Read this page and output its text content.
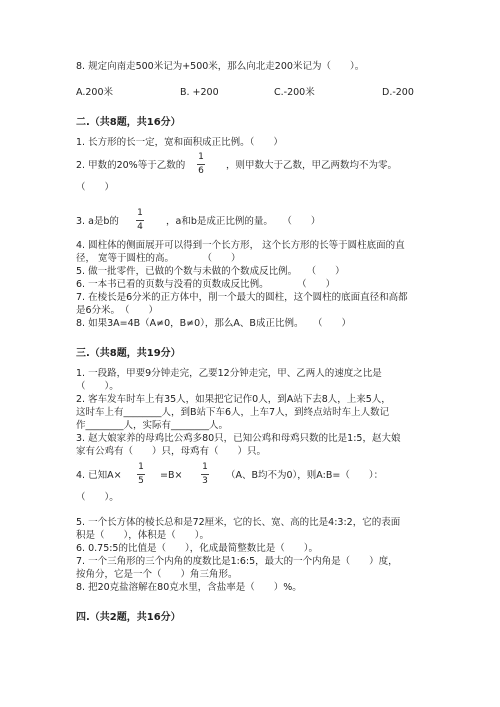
8. 规定向南走500米记为+500米，那么向北走200米记为（　　）。
A.200米	B. +200	C.-200米	D.-200
二.（共8题，共16分）
1. 长方形的长一定，宽和面积成正比例。（　　）
2. 甲数的20%等于乙数的
1
6 ，则甲数大于乙数，甲乙两数均不为零。
（　　）
3. a是b的
1
4 ，a和b是成正比例的量。　　（　　）
4. 圆柱体的侧面展开可以得到一个长方形， 这个长方形的长等于圆柱底面的直
径， 宽等于圆柱的高。　　　　（　　）
5. 做一批零件，已做的个数与未做的个数成反比例。　　（　　）
6. 一本书已看的页数与没看的页数成反比例。　　　　（　　）
7. 在棱长是6分米的正方体中，削一个最大的圆柱，这个圆柱的底面直径和高都
是6分米。　（　　）
8. 如果3A=4B（A≠0，B≠0），那么A、B成正比例。　　（　　）
三.（共8题，共19分）
1. 一段路，甲要9分钟走完，乙要12分钟走完，甲、乙两人的速度之比是
（　　）。
2. 客车发车时车上有35人，如果把它记作0人，到A站下去8人，上来5人，
这时车上有________人，到B站下车6人，上车7人，到终点站时车上人数记
作________人，实际有________人。
3. 赵大娘家养的母鸡比公鸡多80只，已知公鸡和母鸡只数的比是1:5，赵大娘
家有公鸡有（　　）只，母鸡有（　　）只。
4. 已知A×
1
5 =B×
1
3 （A、B均不为0），则A:B=（　　）：
（　　）。
5. 一个长方体的棱长总和是72厘米，它的长、宽、高的比是4:3:2，它的表面
积是（　　），体积是（　　）。
6. 0.75:5的比值是（　　），化成最简整数比是（　　）。
7. 一个三角形的三个内角的度数比是1:6:5，最大的一个内角是（　　）度，
按角分，它是一个（　　）角三角形。
8. 把20克盐溶解在80克水里，含盐率是（　　）%。
四.（共2题，共16分）
